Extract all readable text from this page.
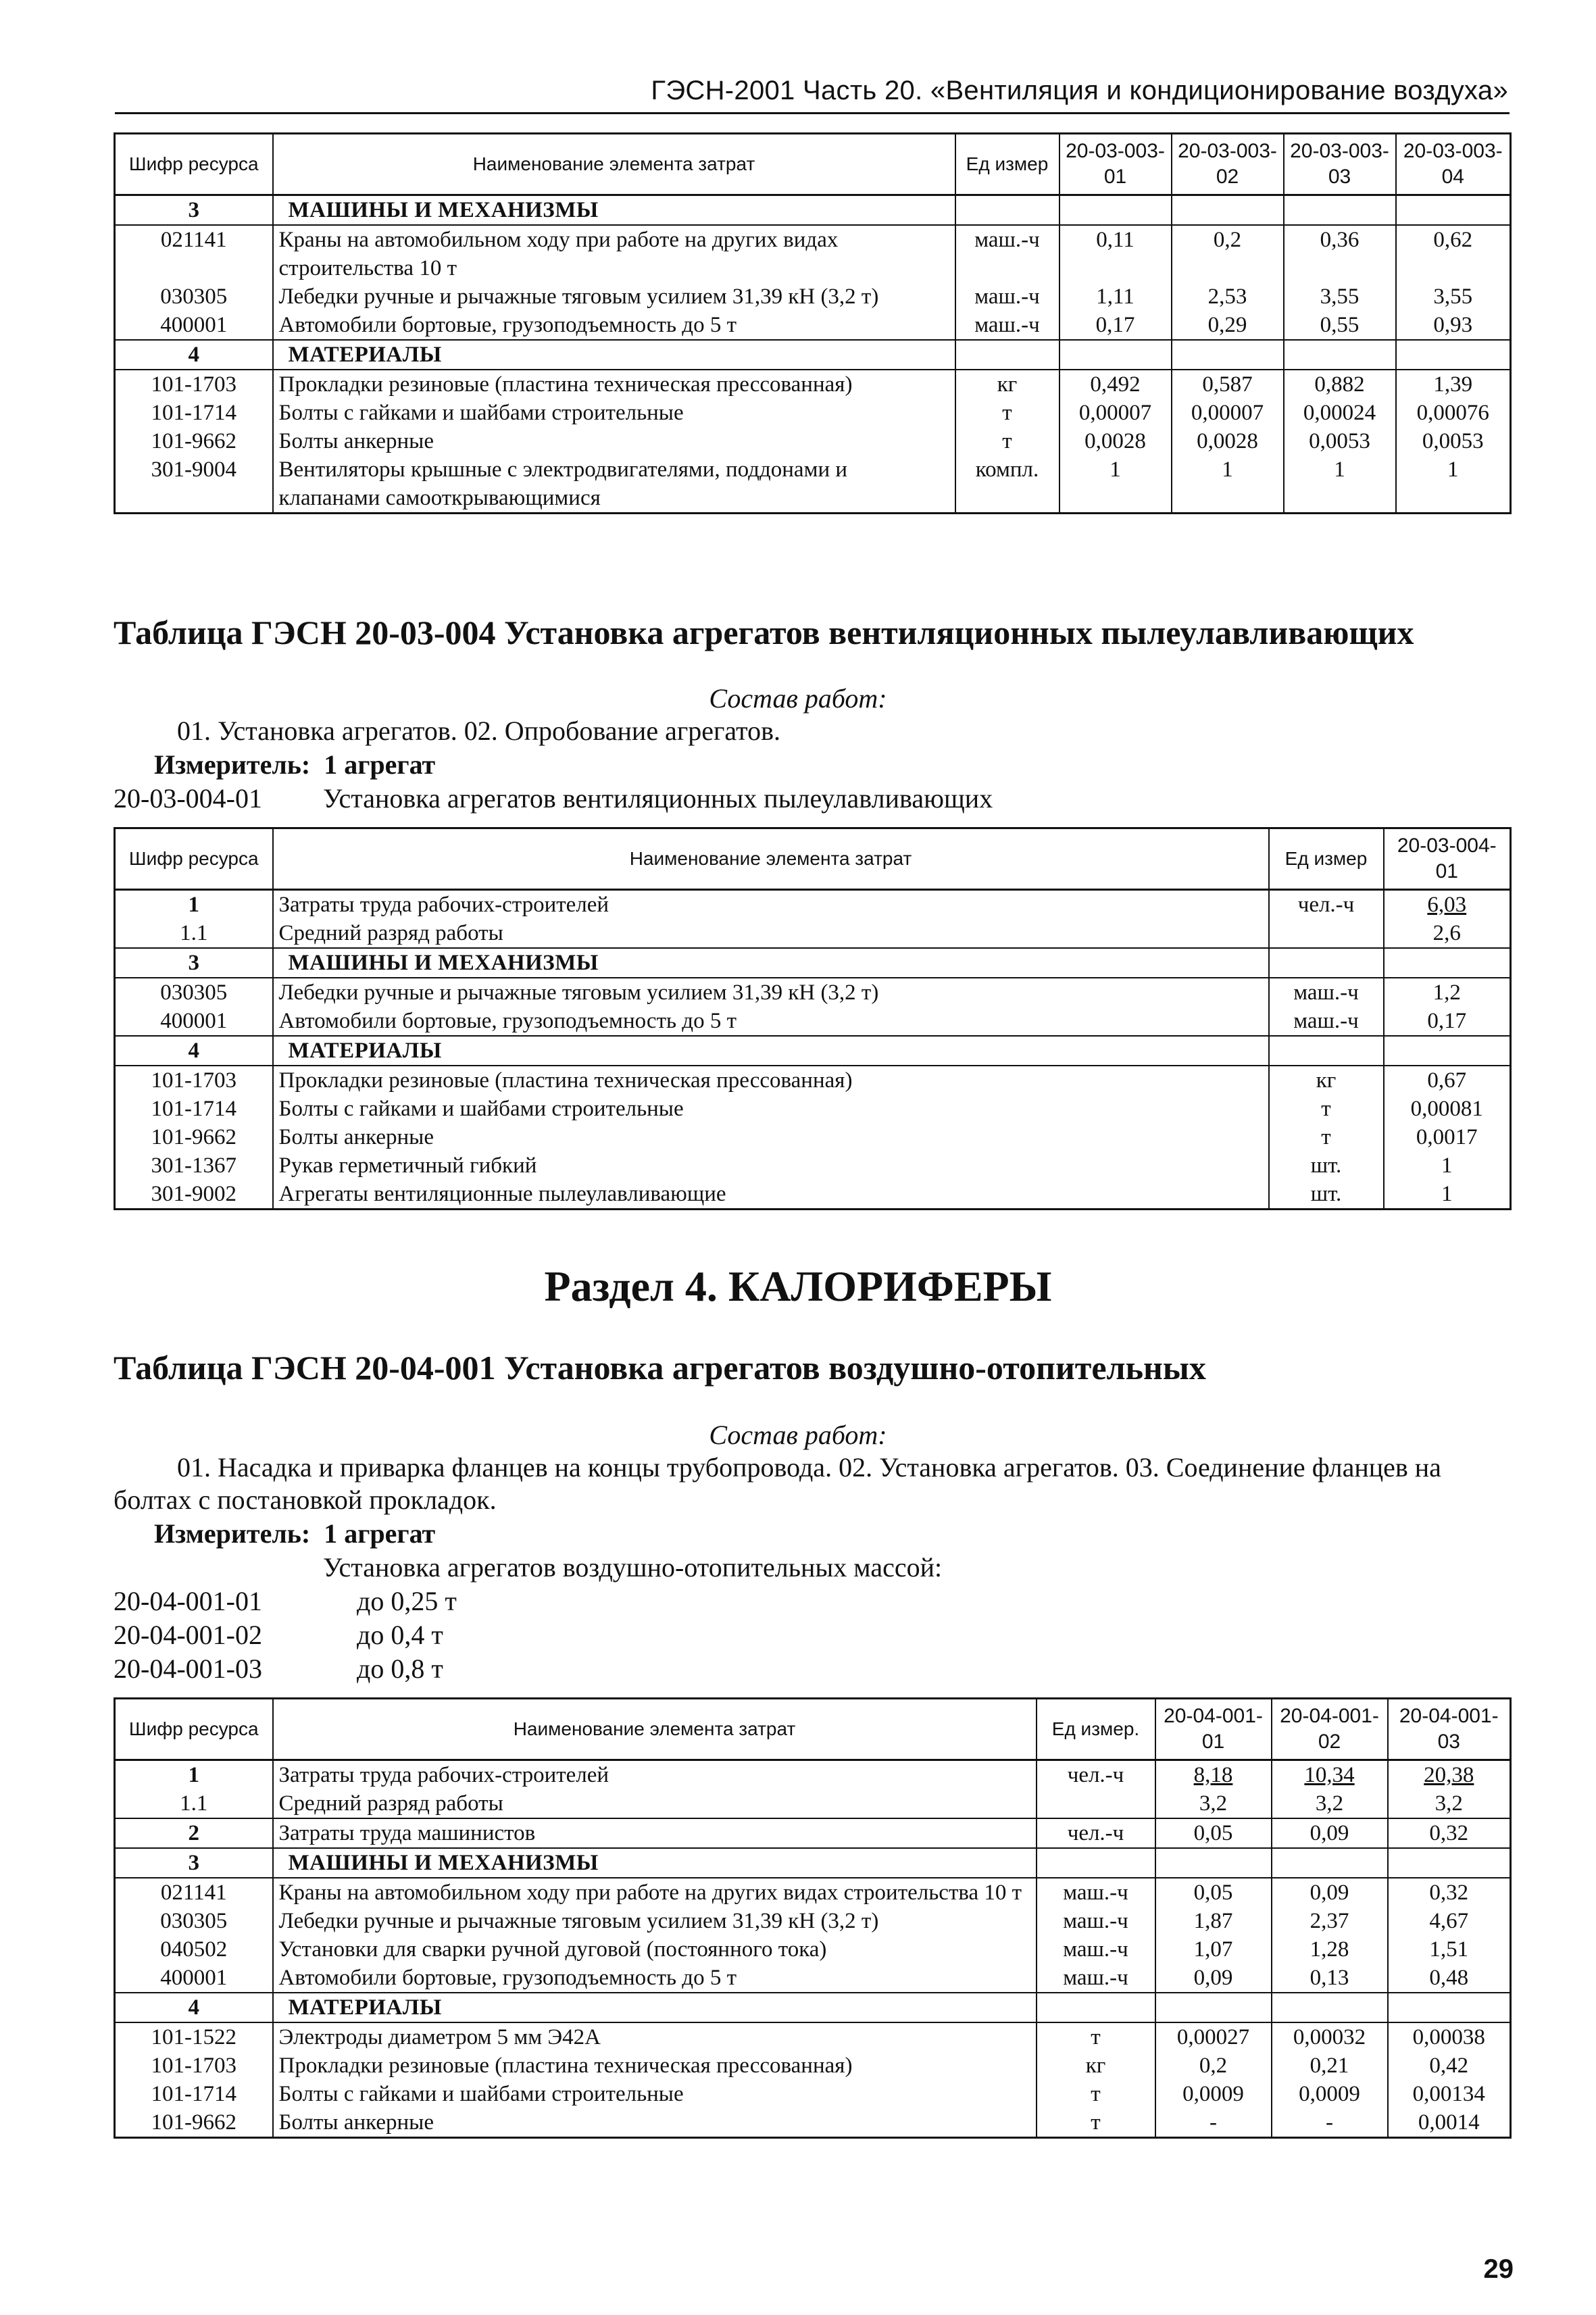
ГЭСН-2001 Часть 20. «Вентиляция и кондиционирование воздуха»
Шифр ресурса	Наименование элемента затрат	Ед измер	20-03-003-01	20-03-003-02	20-03-003-03	20-03-003-04
3	МАШИНЫ И МЕХАНИЗМЫ					
021141	Краны на автомобильном ходу при работе на других видах строительства 10 т	маш.-ч	0,11	0,2	0,36	0,62
030305	Лебедки ручные и рычажные тяговым усилием 31,39 кН (3,2 т)	маш.-ч	1,11	2,53	3,55	3,55
400001	Автомобили бортовые, грузоподъемность до 5 т	маш.-ч	0,17	0,29	0,55	0,93
4	МАТЕРИАЛЫ					
101-1703	Прокладки резиновые (пластина техническая прессованная)	кг	0,492	0,587	0,882	1,39
101-1714	Болты с гайками и шайбами строительные	т	0,00007	0,00007	0,00024	0,00076
101-9662	Болты анкерные	т	0,0028	0,0028	0,0053	0,0053
301-9004	Вентиляторы крышные с электродвигателями, поддонами и клапанами самооткрывающимися	компл.	1	1	1	1
Таблица ГЭСН 20-03-004 Установка агрегатов вентиляционных пылеулавливающих
Состав работ:
01. Установка агрегатов. 02. Опробование агрегатов.
Измеритель: 1 агрегат
20-03-004-01 Установка агрегатов вентиляционных пылеулавливающих
Шифр ресурса	Наименование элемента затрат	Ед измер	20-03-004-01
1	Затраты труда рабочих-строителей	чел.-ч	6,03
1.1	Средний разряд работы		2,6
3	МАШИНЫ И МЕХАНИЗМЫ		
030305	Лебедки ручные и рычажные тяговым усилием 31,39 кН (3,2 т)	маш.-ч	1,2
400001	Автомобили бортовые, грузоподъемность до 5 т	маш.-ч	0,17
4	МАТЕРИАЛЫ		
101-1703	Прокладки резиновые (пластина техническая прессованная)	кг	0,67
101-1714	Болты с гайками и шайбами строительные	т	0,00081
101-9662	Болты анкерные	т	0,0017
301-1367	Рукав герметичный гибкий	шт.	1
301-9002	Агрегаты вентиляционные пылеулавливающие	шт.	1
Раздел 4. КАЛОРИФЕРЫ
Таблица ГЭСН 20-04-001 Установка агрегатов воздушно-отопительных
Состав работ:
01. Насадка и приварка фланцев на концы трубопровода. 02. Установка агрегатов. 03. Соединение фланцев на болтах с постановкой прокладок.
Измеритель: 1 агрегат
Установка агрегатов воздушно-отопительных массой:
20-04-001-01	до 0,25 т
20-04-001-02	до 0,4 т
20-04-001-03	до 0,8 т
Шифр ресурса	Наименование элемента затрат	Ед измер.	20-04-001-01	20-04-001-02	20-04-001-03
1	Затраты труда рабочих-строителей	чел.-ч	8,18	10,34	20,38
1.1	Средний разряд работы		3,2	3,2	3,2
2	Затраты труда машинистов	чел.-ч	0,05	0,09	0,32
3	МАШИНЫ И МЕХАНИЗМЫ				
021141	Краны на автомобильном ходу при работе на других видах строительства 10 т	маш.-ч	0,05	0,09	0,32
030305	Лебедки ручные и рычажные тяговым усилием 31,39 кН (3,2 т)	маш.-ч	1,87	2,37	4,67
040502	Установки для сварки ручной дуговой (постоянного тока)	маш.-ч	1,07	1,28	1,51
400001	Автомобили бортовые, грузоподъемность до 5 т	маш.-ч	0,09	0,13	0,48
4	МАТЕРИАЛЫ				
101-1522	Электроды диаметром 5 мм Э42А	т	0,00027	0,00032	0,00038
101-1703	Прокладки резиновые (пластина техническая прессованная)	кг	0,2	0,21	0,42
101-1714	Болты с гайками и шайбами строительные	т	0,0009	0,0009	0,00134
101-9662	Болты анкерные	т	-	-	0,0014
29
